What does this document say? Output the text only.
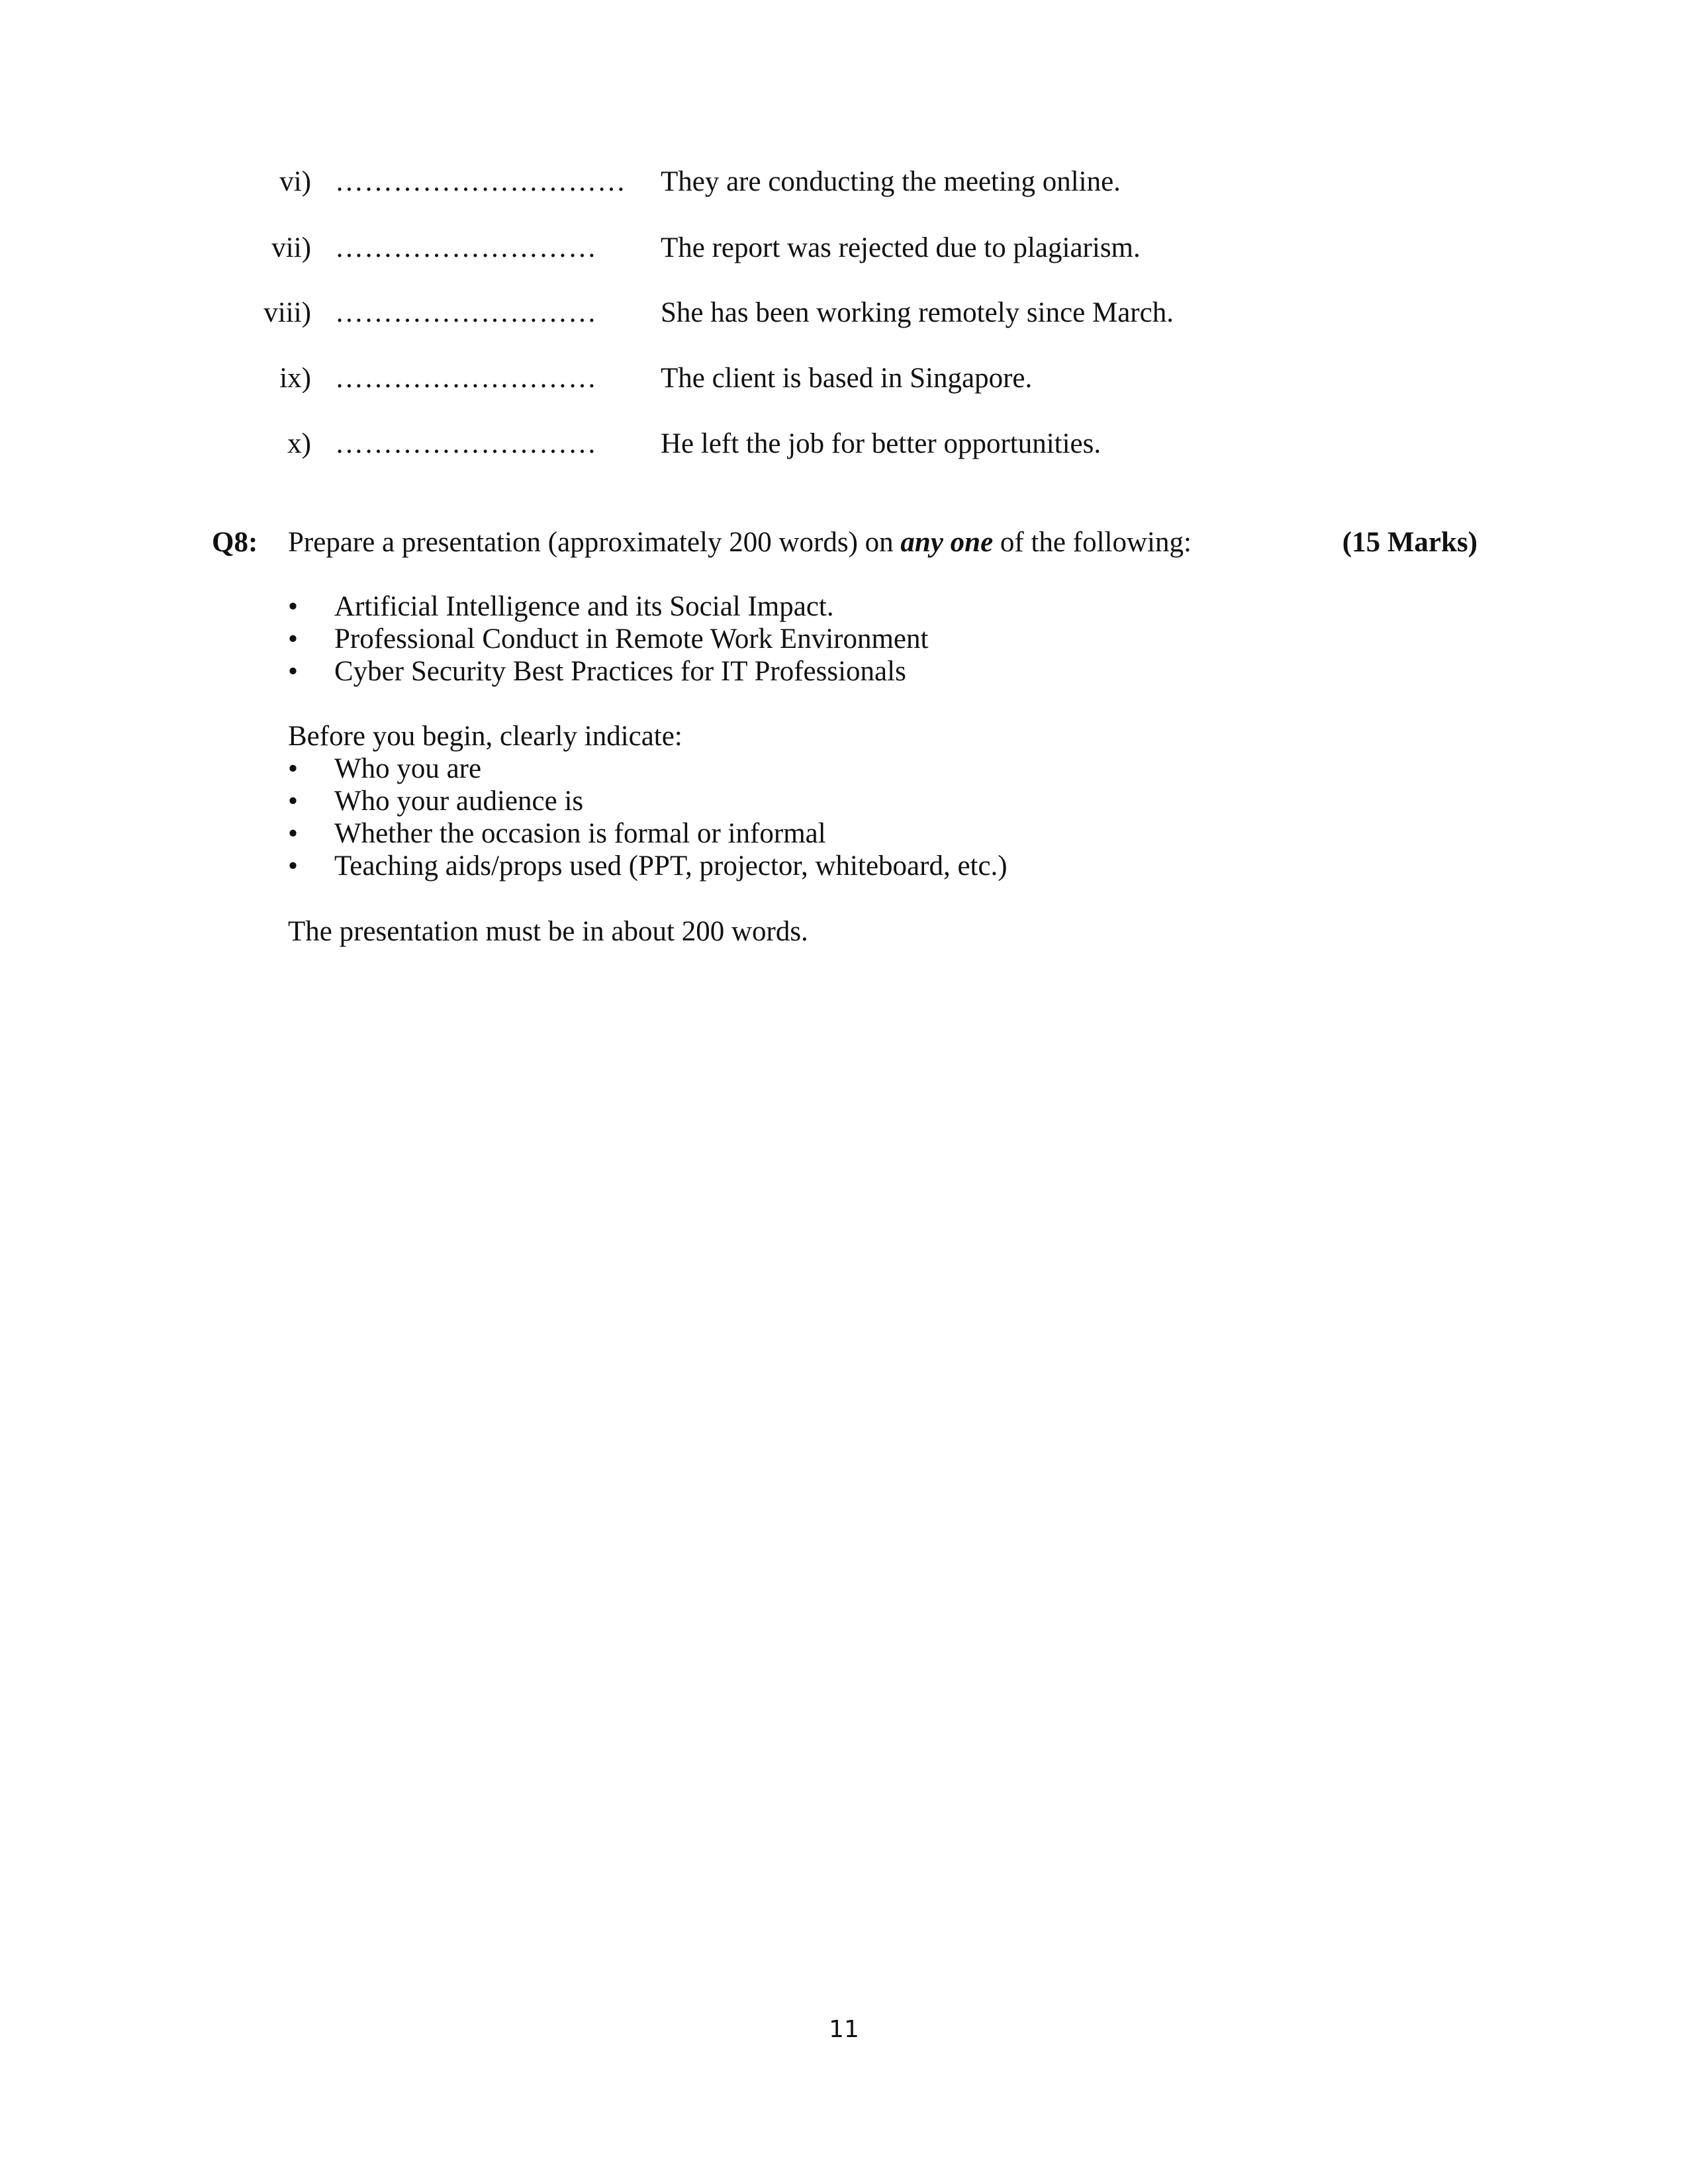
vi) ………………………… They are conducting the meeting online.
vii) ……………………… The report was rejected due to plagiarism.
viii) ……………………… She has been working remotely since March.
ix) ……………………… The client is based in Singapore.
x) ……………………… He left the job for better opportunities.
Q8: Prepare a presentation (approximately 200 words) on any one of the following:	(15 Marks)
• Artificial Intelligence and its Social Impact.
• Professional Conduct in Remote Work Environment
• Cyber Security Best Practices for IT Professionals
Before you begin, clearly indicate:
• Who you are
• Who your audience is
• Whether the occasion is formal or informal
• Teaching aids/props used (PPT, projector, whiteboard, etc.)
The presentation must be in about 200 words.
11
